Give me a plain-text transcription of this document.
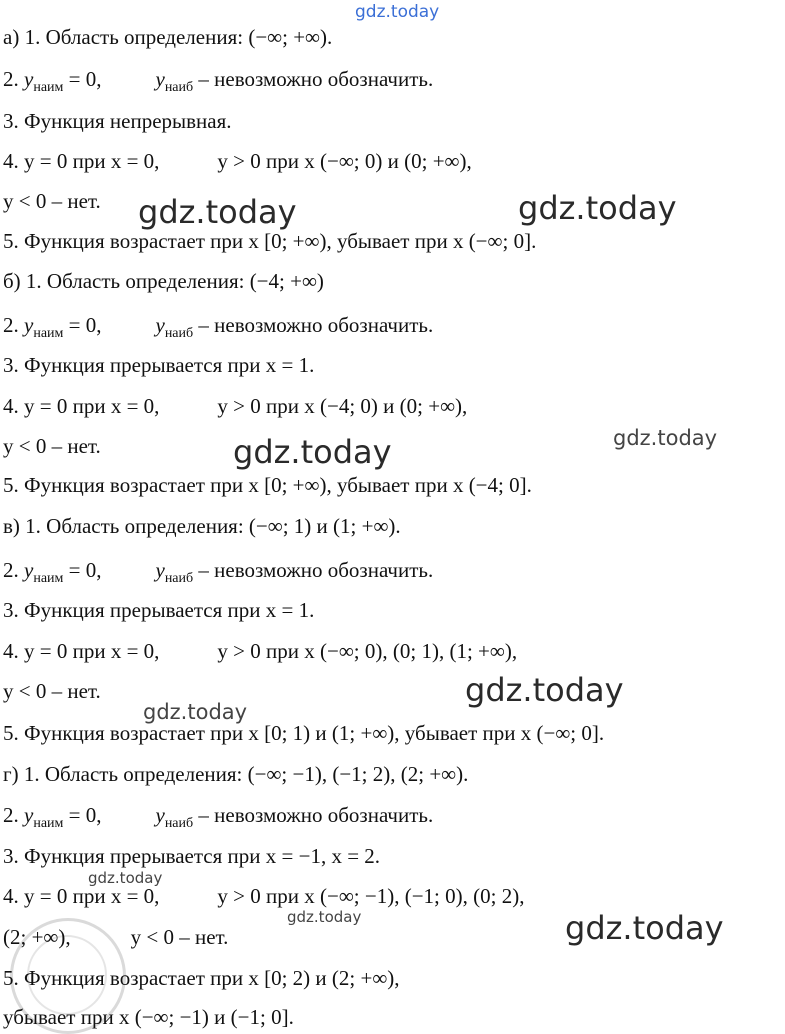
gdz.today
gdz.today	gdz.today
gdz.today	gdz.today
gdz.today
gdz.today
gdz.today
gdz.today	gdz.today
а) 1. Область определения: (−∞; +∞).
2. $y_{наим} = 0$,	$y_{наиб}$ – невозможно обозначить.
3. Функция непрерывная.
4. y = 0 при x = 0,	y > 0 при x (−∞; 0) и (0; +∞),
y < 0 – нет.
5. Функция возрастает при x [0; +∞), убывает при x (−∞; 0].
б) 1. Область определения: (−4; +∞)
2. $y_{наим} = 0$,	$y_{наиб}$ – невозможно обозначить.
3. Функция прерывается при x = 1.
4. y = 0 при x = 0,	y > 0 при x (−4; 0) и (0; +∞),
y < 0 – нет.
5. Функция возрастает при x [0; +∞), убывает при x (−4; 0].
в) 1. Область определения: (−∞; 1) и (1; +∞).
2. $y_{наим} = 0$,	$y_{наиб}$ – невозможно обозначить.
3. Функция прерывается при x = 1.
4. y = 0 при x = 0,	y > 0 при x (−∞; 0), (0; 1), (1; +∞),
y < 0 – нет.
5. Функция возрастает при x [0; 1) и (1; +∞), убывает при x (−∞; 0].
г) 1. Область определения: (−∞; −1), (−1; 2), (2; +∞).
2. $y_{наим} = 0$,	$y_{наиб}$ – невозможно обозначить.
3. Функция прерывается при x = −1, x = 2.
4. y = 0 при x = 0,	y > 0 при x (−∞; −1), (−1; 0), (0; 2),
(2; +∞),	y < 0 – нет.
5. Функция возрастает при x [0; 2) и (2; +∞),
убывает при x (−∞; −1) и (−1; 0].
